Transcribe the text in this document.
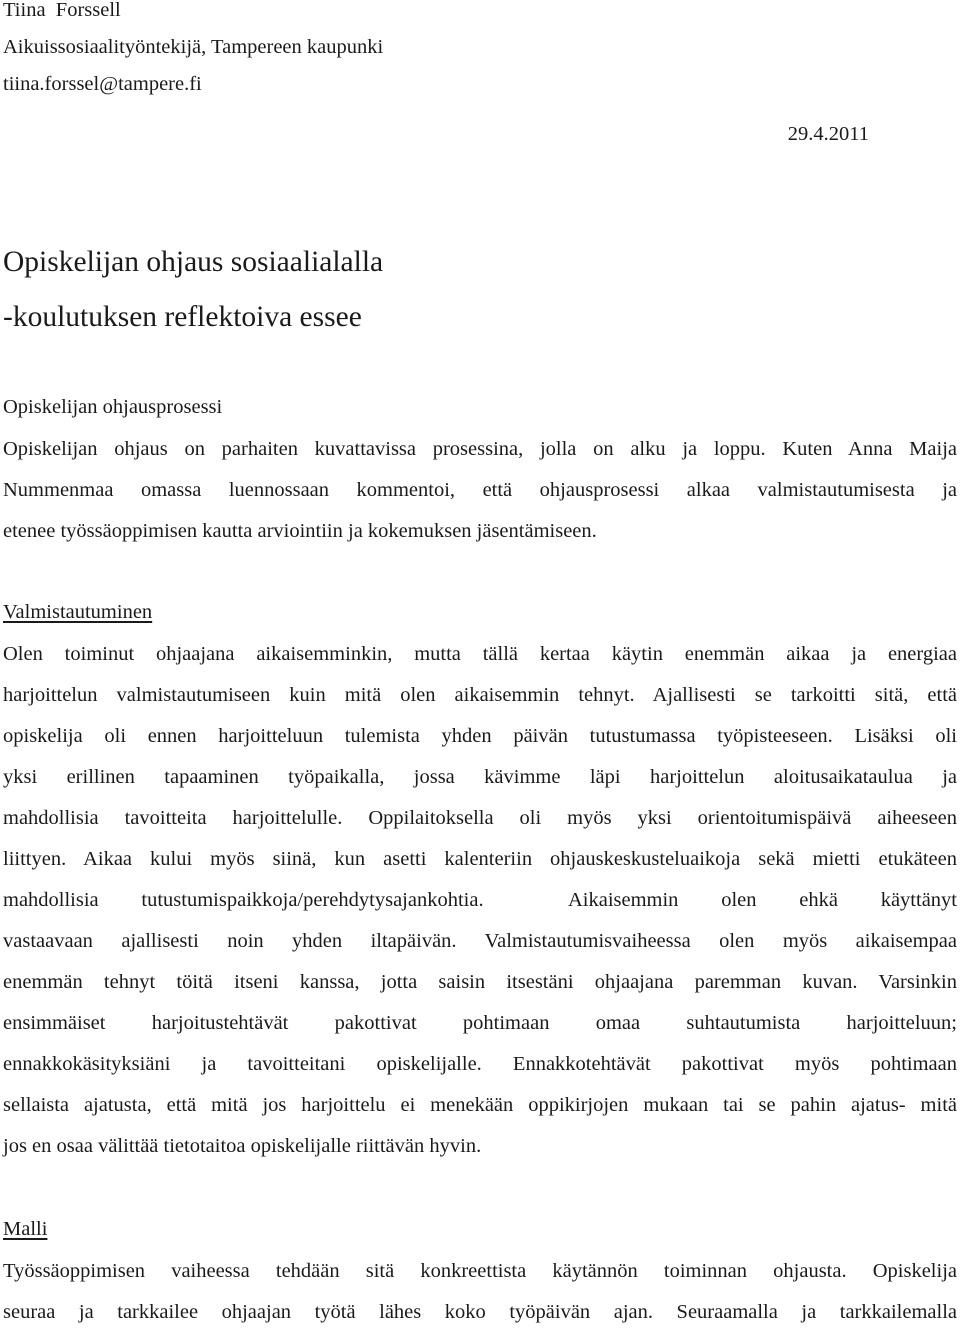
Tiina  Forssell
Aikuissosiaalityöntekijä, Tampereen kaupunki
tiina.forssel@tampere.fi
29.4.2011
Opiskelijan ohjaus sosiaalialalla
-koulutuksen reflektoiva essee
Opiskelijan ohjausprosessi
Opiskelijan ohjaus on parhaiten kuvattavissa prosessina, jolla on alku ja loppu. Kuten Anna Maija
Nummenmaa omassa luennossaan kommentoi, että ohjausprosessi alkaa valmistautumisesta ja
etenee työssäoppimisen kautta arviointiin ja kokemuksen jäsentämiseen.
Valmistautuminen
Olen toiminut ohjaajana aikaisemminkin, mutta tällä kertaa käytin enemmän aikaa ja energiaa
harjoittelun valmistautumiseen kuin mitä olen aikaisemmin tehnyt. Ajallisesti se tarkoitti sitä, että
opiskelija oli ennen harjoitteluun tulemista yhden päivän tutustumassa työpisteeseen. Lisäksi oli
yksi erillinen tapaaminen työpaikalla, jossa kävimme läpi harjoittelun aloitusaikataulua ja
mahdollisia tavoitteita harjoittelulle. Oppilaitoksella oli myös yksi orientoitumispäivä aiheeseen
liittyen. Aikaa kului myös siinä, kun asetti kalenteriin ohjauskeskusteluaikoja sekä mietti etukäteen
mahdollisia tutustumispaikkoja/perehdytysajankohtia.  Aikaisemmin olen ehkä käyttänyt
vastaavaan ajallisesti noin yhden iltapäivän. Valmistautumisvaiheessa olen myös aikaisempaa
enemmän tehnyt töitä itseni kanssa, jotta saisin itsestäni ohjaajana paremman kuvan. Varsinkin
ensimmäiset harjoitustehtävät pakottivat pohtimaan omaa suhtautumista harjoitteluun;
ennakkokäsityksiäni ja tavoitteitani opiskelijalle. Ennakkotehtävät pakottivat myös pohtimaan
sellaista ajatusta, että mitä jos harjoittelu ei menekään oppikirjojen mukaan tai se pahin ajatus- mitä
jos en osaa välittää tietotaitoa opiskelijalle riittävän hyvin.
Malli
Työssäoppimisen vaiheessa tehdään sitä konkreettista käytännön toiminnan ohjausta. Opiskelija
seuraa ja tarkkailee ohjaajan työtä lähes koko työpäivän ajan. Seuraamalla ja tarkkailemalla
